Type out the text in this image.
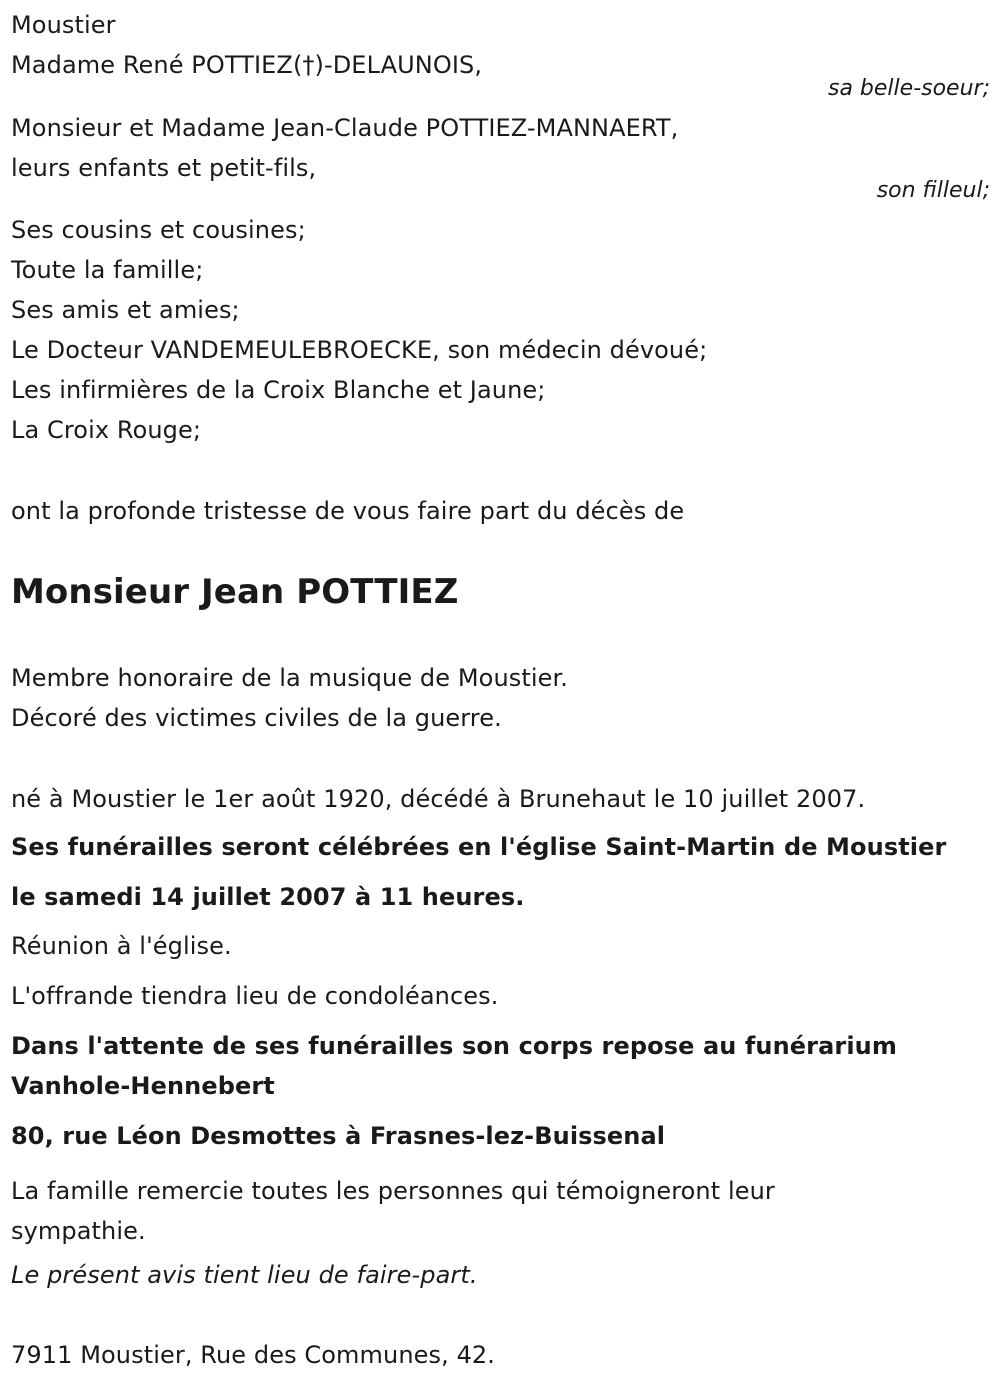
Moustier
Madame René POTTIEZ(†)-DELAUNOIS,
sa belle-soeur;
Monsieur et Madame Jean-Claude POTTIEZ-MANNAERT,
leurs enfants et petit-fils,
son filleul;
Ses cousins et cousines;
Toute la famille;
Ses amis et amies;
Le Docteur VANDEMEULEBROECKE, son médecin dévoué;
Les infirmières de la Croix Blanche et Jaune;
La Croix Rouge;
ont la profonde tristesse de vous faire part du décès de
Monsieur Jean POTTIEZ
Membre honoraire de la musique de Moustier.
Décoré des victimes civiles de la guerre.
né à Moustier le 1er août 1920, décédé à Brunehaut le 10 juillet 2007.
Ses funérailles seront célébrées en l'église Saint-Martin de Moustier
le samedi 14 juillet 2007 à 11 heures.
Réunion à l'église.
L'offrande tiendra lieu de condoléances.
Dans l'attente de ses funérailles son corps repose au funérarium
Vanhole-Hennebert
80, rue Léon Desmottes à Frasnes-lez-Buissenal
La famille remercie toutes les personnes qui témoigneront leur sympathie.
Le présent avis tient lieu de faire-part.
7911 Moustier, Rue des Communes, 42.
